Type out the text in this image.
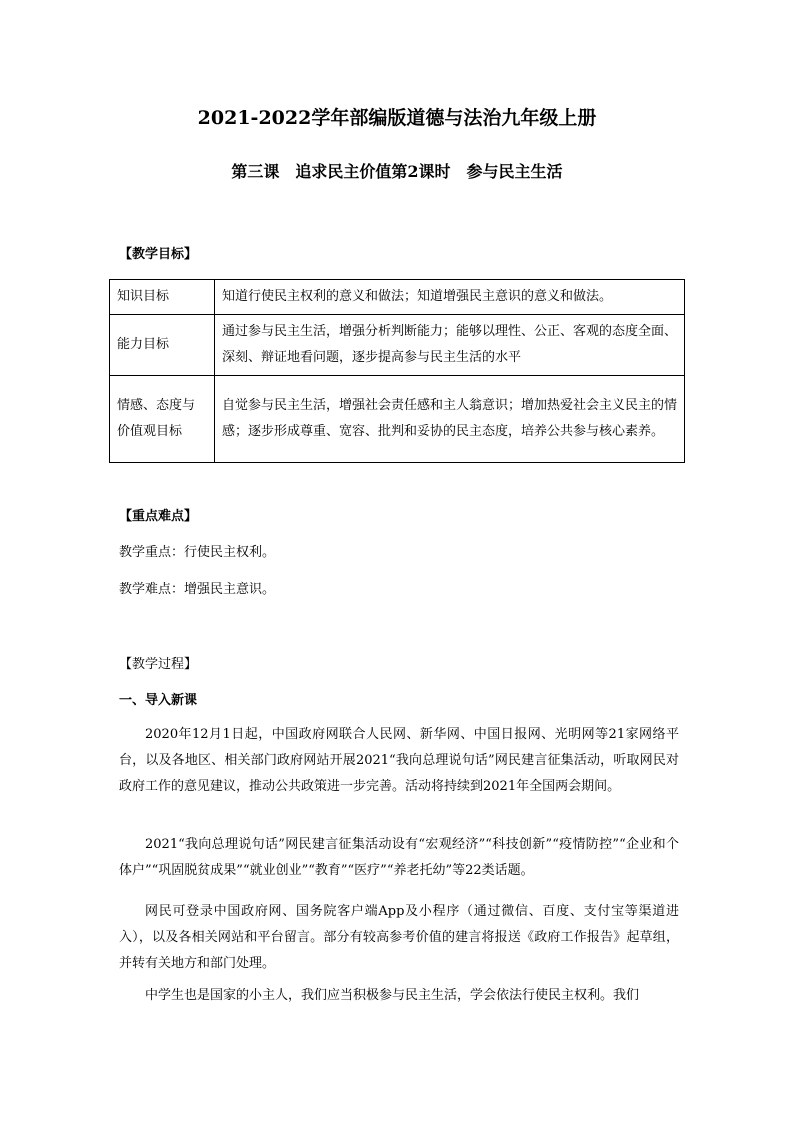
2021-2022学年部编版道德与法治九年级上册
第三课　追求民主价值第2课时　参与民主生活
【教学目标】
知识目标	知道行使民主权利的意义和做法；知道增强民主意识的意义和做法。
能力目标	通过参与民主生活，增强分析判断能力；能够以理性、公正、客观的态度全面、深刻、辩证地看问题，逐步提高参与民主生活的水平
情感、态度与价值观目标	自觉参与民主生活，增强社会责任感和主人翁意识；增加热爱社会主义民主的情感；逐步形成尊重、宽容、批判和妥协的民主态度，培养公共参与核心素养。
【重点难点】
教学重点：行使民主权利。
教学难点：增强民主意识。
【教学过程】
一、导入新课
2020年12月1日起，中国政府网联合人民网、新华网、中国日报网、光明网等21家网络平台，以及各地区、相关部门政府网站开展2021“我向总理说句话”网民建言征集活动，听取网民对政府工作的意见建议，推动公共政策进一步完善。活动将持续到2021年全国两会期间。
2021“我向总理说句话”网民建言征集活动设有“宏观经济”“科技创新”“疫情防控”“企业和个体户”“巩固脱贫成果”“就业创业”“教育”“医疗”“养老托幼”等22类话题。
网民可登录中国政府网、国务院客户端App及小程序（通过微信、百度、支付宝等渠道进入），以及各相关网站和平台留言。部分有较高参考价值的建言将报送《政府工作报告》起草组，并转有关地方和部门处理。
中学生也是国家的小主人，我们应当积极参与民主生活，学会依法行使民主权利。我们
